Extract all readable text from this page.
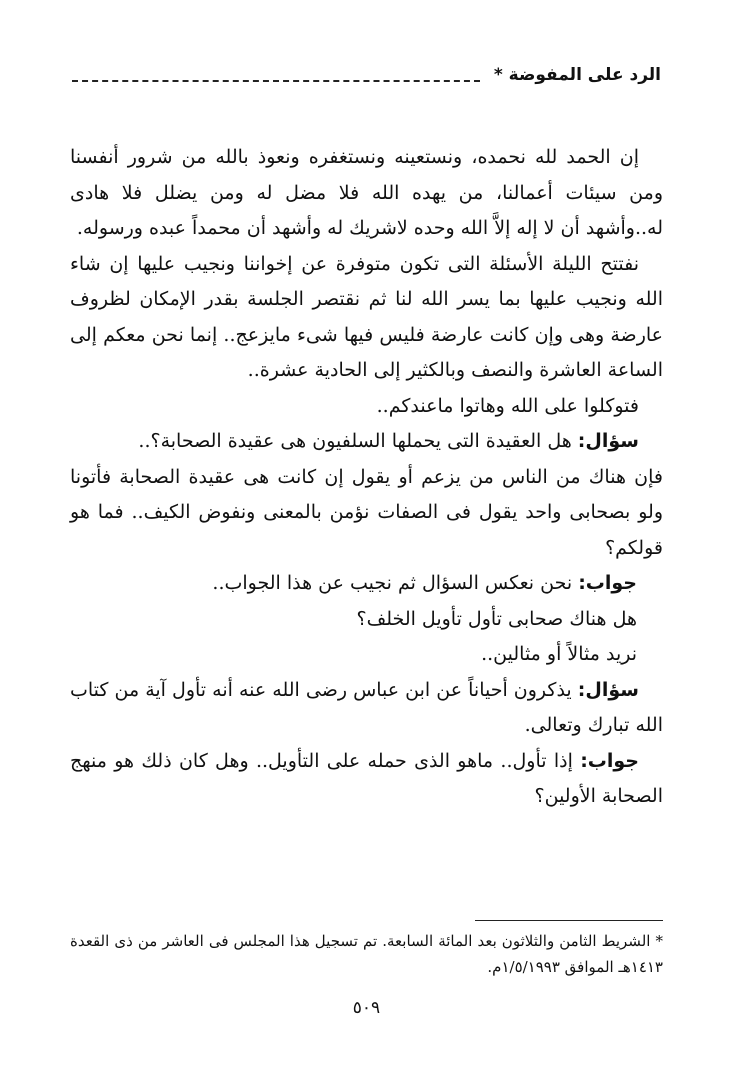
الرد على المفوضة *

إن الحمد لله نحمده، ونستعينه ونستغفره ونعوذ بالله من شرور أنفسنا ومن سيئات أعمالنا، من يهده الله فلا مضل له ومن يضلل فلا هادى له..وأشهد أن لا إله إلاَّ الله وحده لاشريك له وأشهد أن محمداً عبده ورسوله.

نفتتح الليلة الأسئلة التى تكون متوفرة عن إخواننا ونجيب عليها إن شاء الله ونجيب عليها بما يسر الله لنا ثم نقتصر الجلسة بقدر الإمكان لظروف عارضة وهى وإن كانت عارضة فليس فيها شىء مايزعج.. إنما نحن معكم إلى الساعة العاشرة والنصف وبالكثير إلى الحادية عشرة..

فتوكلوا على الله وهاتوا ماعندكم..

سؤال: هل العقيدة التى يحملها السلفيون هى عقيدة الصحابة؟..

فإن هناك من الناس من يزعم أو يقول إن كانت هى عقيدة الصحابة فأتونا ولو بصحابى واحد يقول فى الصفات نؤمن بالمعنى ونفوض الكيف.. فما هو قولكم؟

جواب: نحن نعكس السؤال ثم نجيب عن هذا الجواب..

هل هناك صحابى تأول تأويل الخلف؟

نريد مثالاً أو مثالين..

سؤال: يذكرون أحياناً عن ابن عباس رضى الله عنه أنه تأول آية من كتاب الله تبارك وتعالى.

جواب: إذا تأول.. ماهو الذى حمله على التأويل.. وهل كان ذلك هو منهج الصحابة الأولين؟

* الشريط الثامن والثلاثون بعد المائة السابعة. تم تسجيل هذا المجلس فى العاشر من ذى القعدة ١٤١٣هـ الموافق ١/٥/١٩٩٣م.
٥٠٩
